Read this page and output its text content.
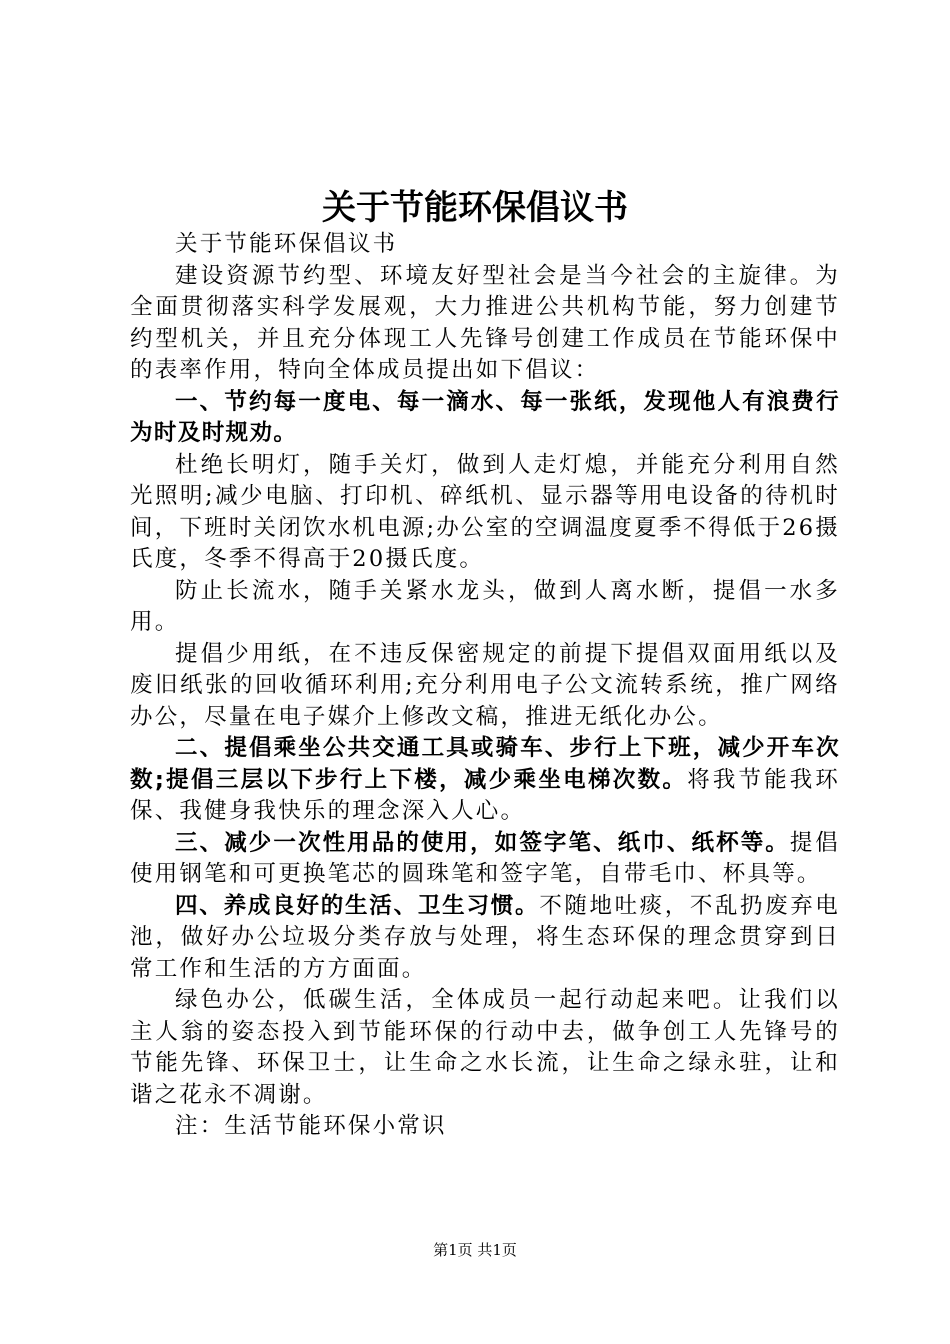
关于节能环保倡议书

关于节能环保倡议书

建设资源节约型、环境友好型社会是当今社会的主旋律。为全面贯彻落实科学发展观，大力推进公共机构节能，努力创建节约型机关，并且充分体现工人先锋号创建工作成员在节能环保中的表率作用，特向全体成员提出如下倡议：

一、节约每一度电、每一滴水、每一张纸，发现他人有浪费行为时及时规劝。

杜绝长明灯，随手关灯，做到人走灯熄，并能充分利用自然光照明;减少电脑、打印机、碎纸机、显示器等用电设备的待机时间，下班时关闭饮水机电源;办公室的空调温度夏季不得低于26摄氏度，冬季不得高于20摄氏度。

防止长流水，随手关紧水龙头，做到人离水断，提倡一水多用。

提倡少用纸，在不违反保密规定的前提下提倡双面用纸以及废旧纸张的回收循环利用;充分利用电子公文流转系统，推广网络办公，尽量在电子媒介上修改文稿，推进无纸化办公。

二、提倡乘坐公共交通工具或骑车、步行上下班，减少开车次数;提倡三层以下步行上下楼，减少乘坐电梯次数。将我节能我环保、我健身我快乐的理念深入人心。

三、减少一次性用品的使用，如签字笔、纸巾、纸杯等。提倡使用钢笔和可更换笔芯的圆珠笔和签字笔，自带毛巾、杯具等。

四、养成良好的生活、卫生习惯。不随地吐痰，不乱扔废弃电池，做好办公垃圾分类存放与处理，将生态环保的理念贯穿到日常工作和生活的方方面面。

绿色办公，低碳生活，全体成员一起行动起来吧。让我们以主人翁的姿态投入到节能环保的行动中去，做争创工人先锋号的节能先锋、环保卫士，让生命之水长流，让生命之绿永驻，让和谐之花永不凋谢。

注：生活节能环保小常识

第1页 共1页
